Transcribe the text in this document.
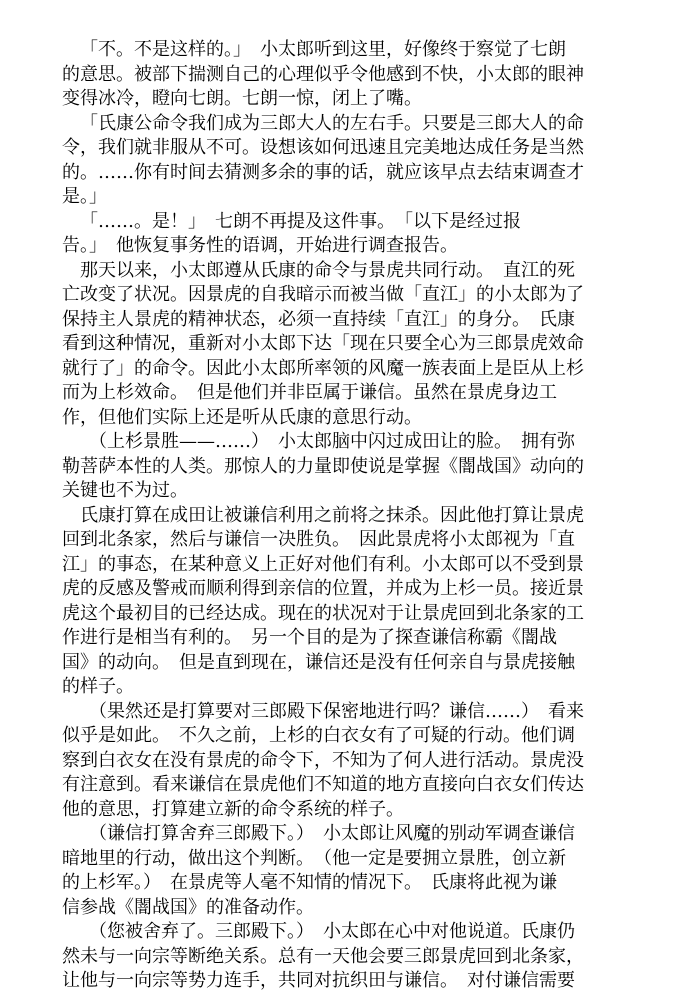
「不。不是这样的。」　小太郎听到这里，好像终于察觉了七朗
的意思。被部下揣测自己的心理似乎令他感到不快，小太郎的眼神
变得冰冷，瞪向七朗。七朗一惊，闭上了嘴。
「氏康公命令我们成为三郎大人的左右手。只要是三郎大人的命
令，我们就非服从不可。设想该如何迅速且完美地达成任务是当然
的。……你有时间去猜测多余的事的话，就应该早点去结束调查才
是。」
「……。是！」　七朗不再提及这件事。　「以下是经过报
告。」　他恢复事务性的语调，开始进行调查报告。
那天以来，小太郎遵从氏康的命令与景虎共同行动。　直江的死
亡改变了状况。因景虎的自我暗示而被当做「直江」的小太郎为了
保持主人景虎的精神状态，必须一直持续「直江」的身分。　氏康
看到这种情况，重新对小太郎下达「现在只要全心为三郎景虎效命
就行了」的命令。因此小太郎所率领的风魔一族表面上是臣从上杉
而为上杉效命。　但是他们并非臣属于谦信。虽然在景虎身边工
作，但他们实际上还是听从氏康的意思行动。
（上杉景胜——……）　小太郎脑中闪过成田让的脸。　拥有弥
勒菩萨本性的人类。那惊人的力量即使说是掌握《闇战国》动向的
关键也不为过。
氏康打算在成田让被谦信利用之前将之抹杀。因此他打算让景虎
回到北条家，然后与谦信一决胜负。　因此景虎将小太郎视为「直
江」的事态，在某种意义上正好对他们有利。小太郎可以不受到景
虎的反感及警戒而顺利得到亲信的位置，并成为上杉一员。接近景
虎这个最初目的已经达成。现在的状况对于让景虎回到北条家的工
作进行是相当有利的。　另一个目的是为了探查谦信称霸《闇战
国》的动向。　但是直到现在，谦信还是没有任何亲自与景虎接触
的样子。
（果然还是打算要对三郎殿下保密地进行吗？谦信……）　看来
似乎是如此。　不久之前，上杉的白衣女有了可疑的行动。他们调
察到白衣女在没有景虎的命令下，不知为了何人进行活动。景虎没
有注意到。看来谦信在景虎他们不知道的地方直接向白衣女们传达
他的意思，打算建立新的命令系统的样子。
（谦信打算舍弃三郎殿下。）　小太郎让风魔的别动军调查谦信
暗地里的行动，做出这个判断。　（他一定是要拥立景胜，创立新
的上杉军。）　在景虎等人毫不知情的情况下。　氏康将此视为谦
信参战《闇战国》的准备动作。
（您被舍弃了。三郎殿下。）　小太郎在心中对他说道。氏康仍
然未与一向宗等断绝关系。总有一天他会要三郎景虎回到北条家，
让他与一向宗等势力连手，共同对抗织田与谦信。　对付谦信需要
